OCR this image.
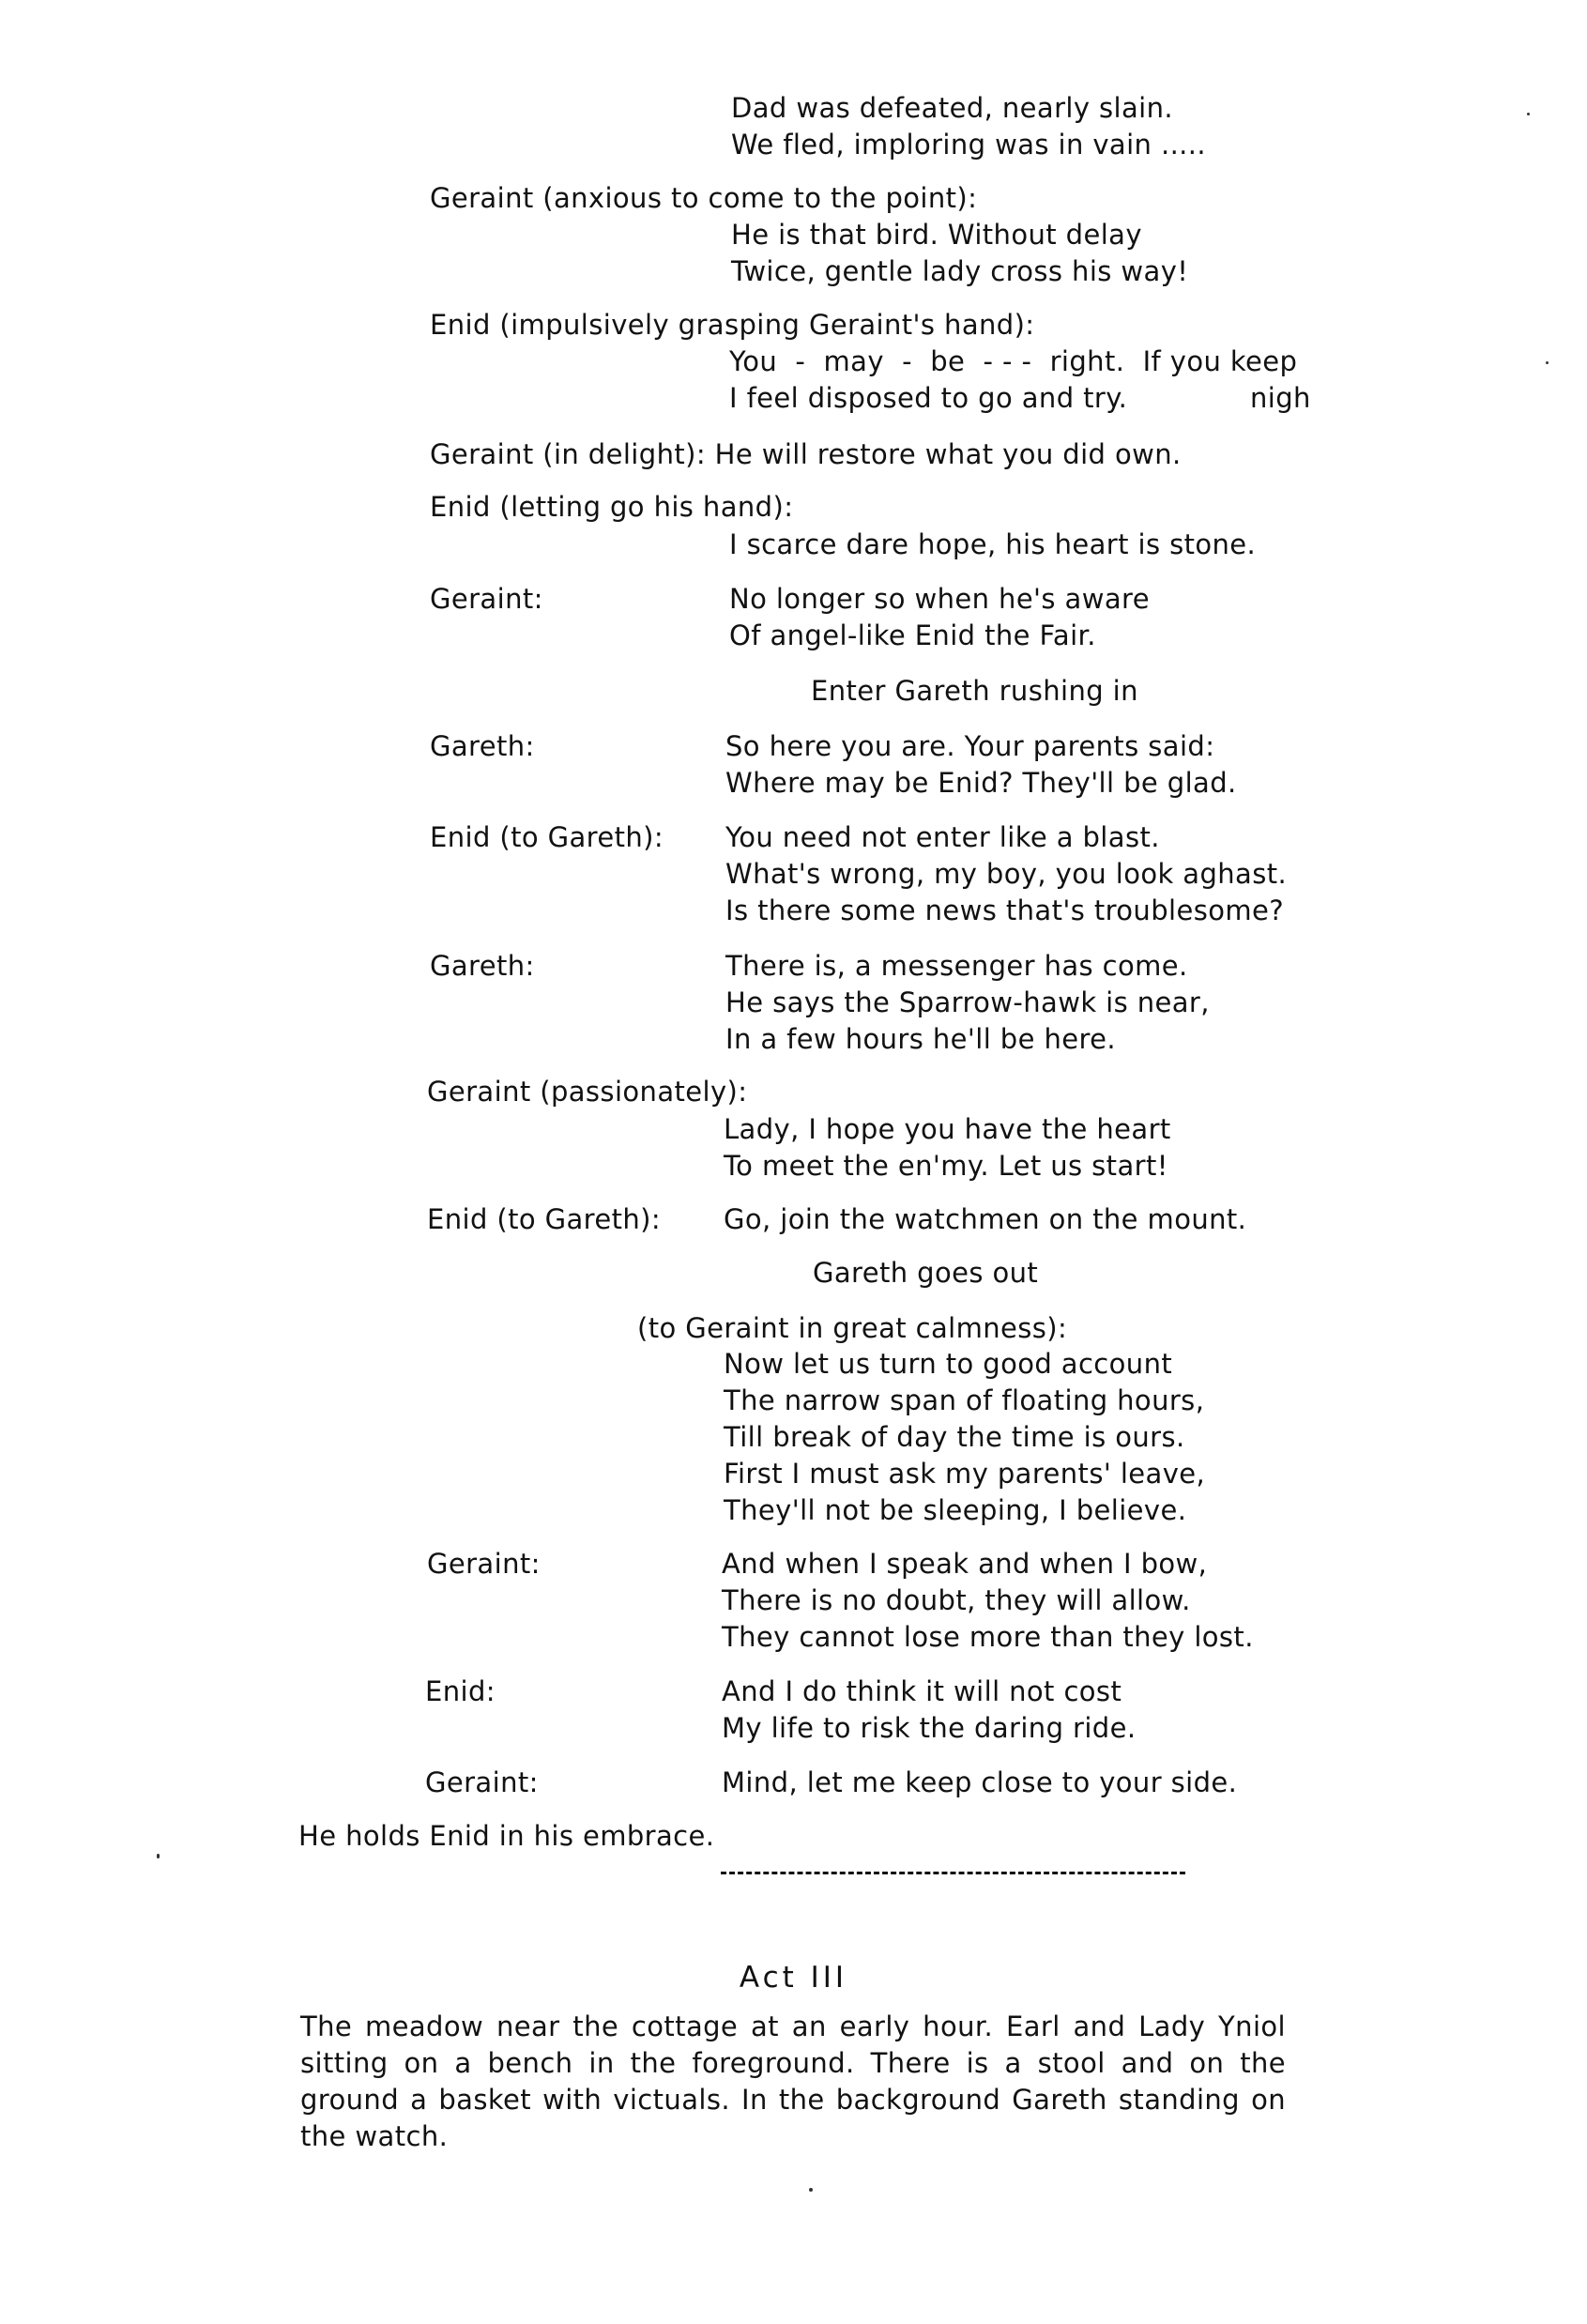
Dad was defeated, nearly slain.
We fled, imploring was in vain .....
Geraint (anxious to come to the point):
He is that bird. Without delay
Twice, gentle lady cross his way!
Enid (impulsively grasping Geraint's hand):
You  -  may  -  be  - - -  right.  If you keep
I feel disposed to go and try.	nigh
Geraint (in delight): He will restore what you did own.
Enid (letting go his hand):
I scarce dare hope, his heart is stone.
Geraint:	No longer so when he's aware
Of angel-like Enid the Fair.
Enter Gareth rushing in
Gareth:	So here you are. Your parents said:
Where may be Enid? They'll be glad.
Enid (to Gareth): You need not enter like a blast.
What's wrong, my boy, you look aghast.
Is there some news that's troublesome?
Gareth:	There is, a messenger has come.
He says the Sparrow-hawk is near,
In a few hours he'll be here.
Geraint (passionately):
Lady, I hope you have the heart
To meet the en'my. Let us start!
Enid (to Gareth): Go, join the watchmen on the mount.
Gareth goes out
(to Geraint in great calmness):
Now let us turn to good account
The narrow span of floating hours,
Till break of day the time is ours.
First I must ask my parents' leave,
They'll not be sleeping, I believe.
Geraint:	And when I speak and when I bow,
There is no doubt, they will allow.
They cannot lose more than they lost.
Enid:	And I do think it will not cost
My life to risk the daring ride.
Geraint:	Mind, let me keep close to your side.
He holds Enid in his embrace.
Act III
The meadow near the cottage at an early hour. Earl and Lady Yniol sitting on a bench in the foreground. There is a stool and on the ground a basket with victuals. In the background Gareth standing on the watch.
